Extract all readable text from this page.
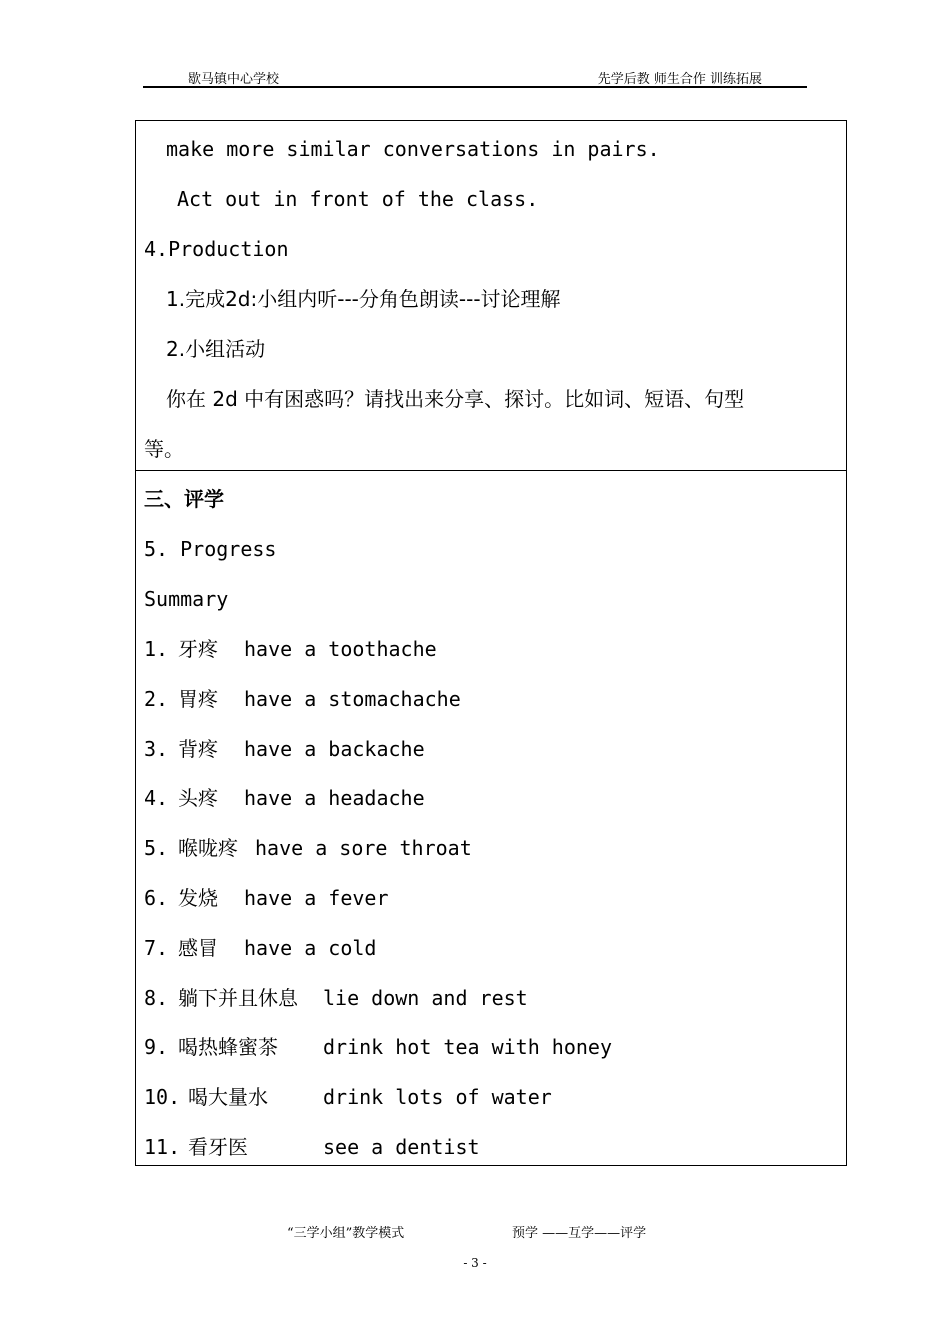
歇马镇中心学校	先学后教 师生合作 训练拓展
make more similar conversations in pairs.
Act out in front of the class.
4.Production
1.完成2d:小组内听---分角色朗读---讨论理解
2.小组活动
你在 2d 中有困惑吗？请找出来分享、探讨。比如词、短语、句型
等。
三、评学
5. Progress
Summary
1. 牙疼 have a toothache
2. 胃疼 have a stomachache
3. 背疼 have a backache
4. 头疼 have a headache
5. 喉咙疼 have a sore throat
6. 发烧 have a fever
7. 感冒 have a cold
8. 躺下并且休息 lie down and rest
9. 喝热蜂蜜茶 drink hot tea with honey
10. 喝大量水	drink lots of water
11. 看牙医	see a dentist
“三学小组”教学模式	预学 ——互学——评学
- 3 -
